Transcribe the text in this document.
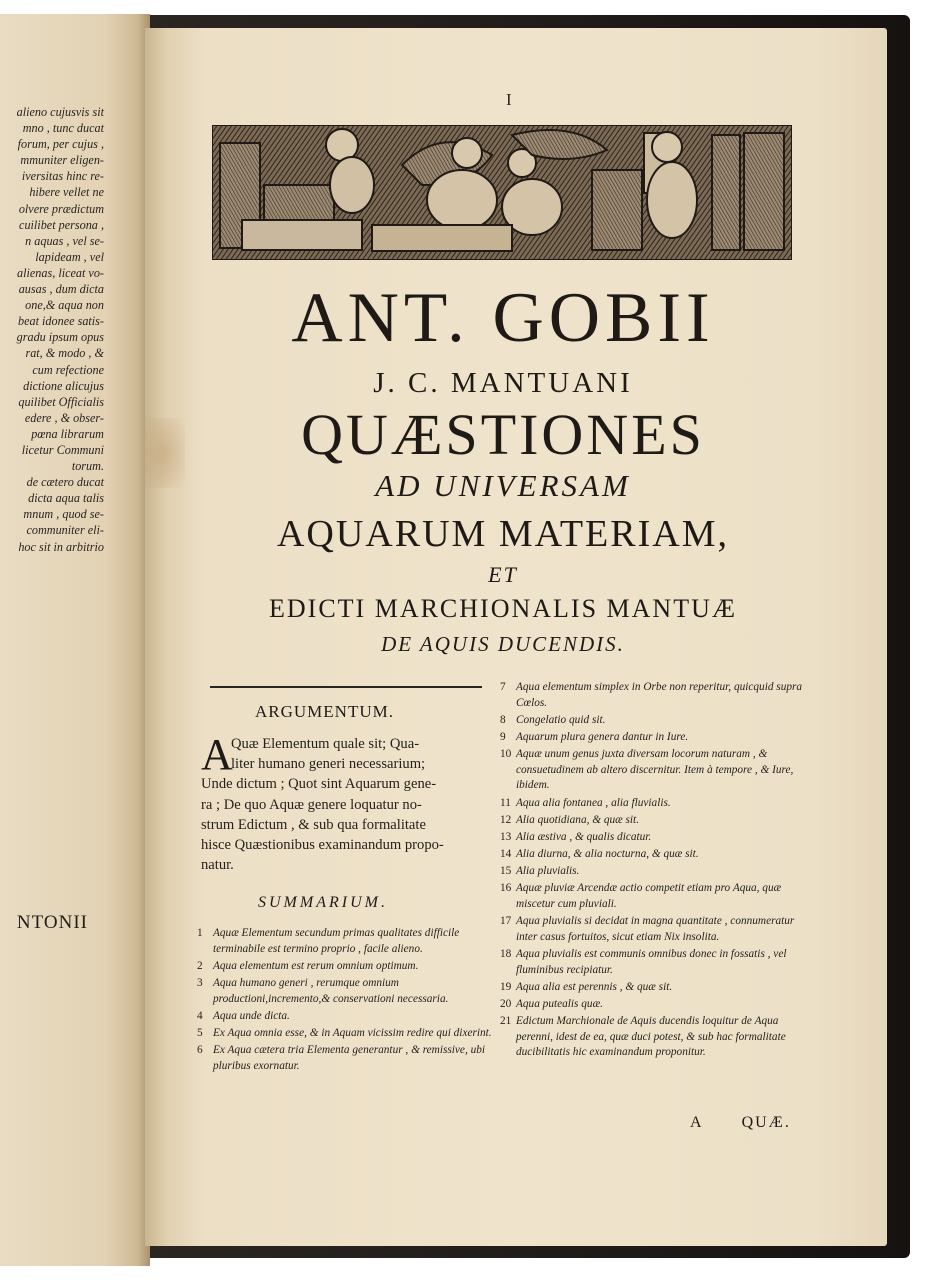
alieno cujusvis sit
mno , tunc ducat
forum, per cujus ,
mmuniter eligen-
iversitas hinc re-
hibere vellet ne
olvere prædictum
cuilibet persona ,
n aquas , vel se-
lapideam , vel
alienas, liceat vo-
ausas , dum dicta
one,& aqua non
beat idonee satis-
gradu ipsum opus
rat, & modo , &
cum refectione
dictione alicujus
quilibet Officialis
edere , & obser-
pœna librarum
licetur Communi
torum.
de cætero ducat
dicta aqua talis
mnum , quod se-
communiter eli-
hoc sit in arbitrio
NTONII
I
ANT. GOBII
J. C. MANTUANI
QUÆSTIONES
AD UNIVERSAM
AQUARUM MATERIAM,
ET
EDICTI MARCHIONALIS MANTUÆ
DE AQUIS DUCENDIS.
ARGUMENTUM.
A
Quæ Elementum quale sit; Qua-
liter humano generi necessarium;
Unde dictum ; Quot sint Aquarum gene-
ra ; De quo Aquæ genere loquatur no-
strum Edictum , & sub qua formalitate
hisce Quæstionibus examinandum propo-
natur.
SUMMARIUM.
1 Aquæ Elementum secundum primas qualitates difficile terminabile est termino proprio , facile alieno.
2 Aqua elementum est rerum omnium optimum.
3 Aqua humano generi , rerumque omnium productioni,incremento,& conservationi necessaria.
4 Aqua unde dicta.
5 Ex Aqua omnia esse, & in Aquam vicissim redire qui dixerint.
6 Ex Aqua cætera tria Elementa generantur , & remissive, ubi pluribus exornatur.
7 Aqua elementum simplex in Orbe non reperitur, quicquid supra Cœlos.
8 Congelatio quid sit.
9 Aquarum plura genera dantur in Iure.
10 Aquæ unum genus juxta diversam locorum naturam , & consuetudinem ab altero discernitur. Item à tempore , & Iure, ibidem.
11 Aqua alia fontanea , alia fluvialis.
12 Alia quotidiana, & quæ sit.
13 Alia æstiva , & qualis dicatur.
14 Alia diurna, & alia nocturna, & quæ sit.
15 Alia pluvialis.
16 Aquæ pluviæ Arcendæ actio competit etiam pro Aqua, quæ miscetur cum pluviali.
17 Aqua pluvialis si decidat in magna quantitate , connumeratur inter casus fortuitos, sicut etiam Nix insolita.
18 Aqua pluvialis est communis omnibus donec in fossatis , vel fluminibus recipiatur.
19 Aqua alia est perennis , & quæ sit.
20 Aqua putealis quæ.
21 Edictum Marchionale de Aquis ducendis loquitur de Aqua perenni, idest de ea, quæ duci potest, & sub hac formalitate ducibilitatis hic examinandum proponitur.
A QUÆ.
